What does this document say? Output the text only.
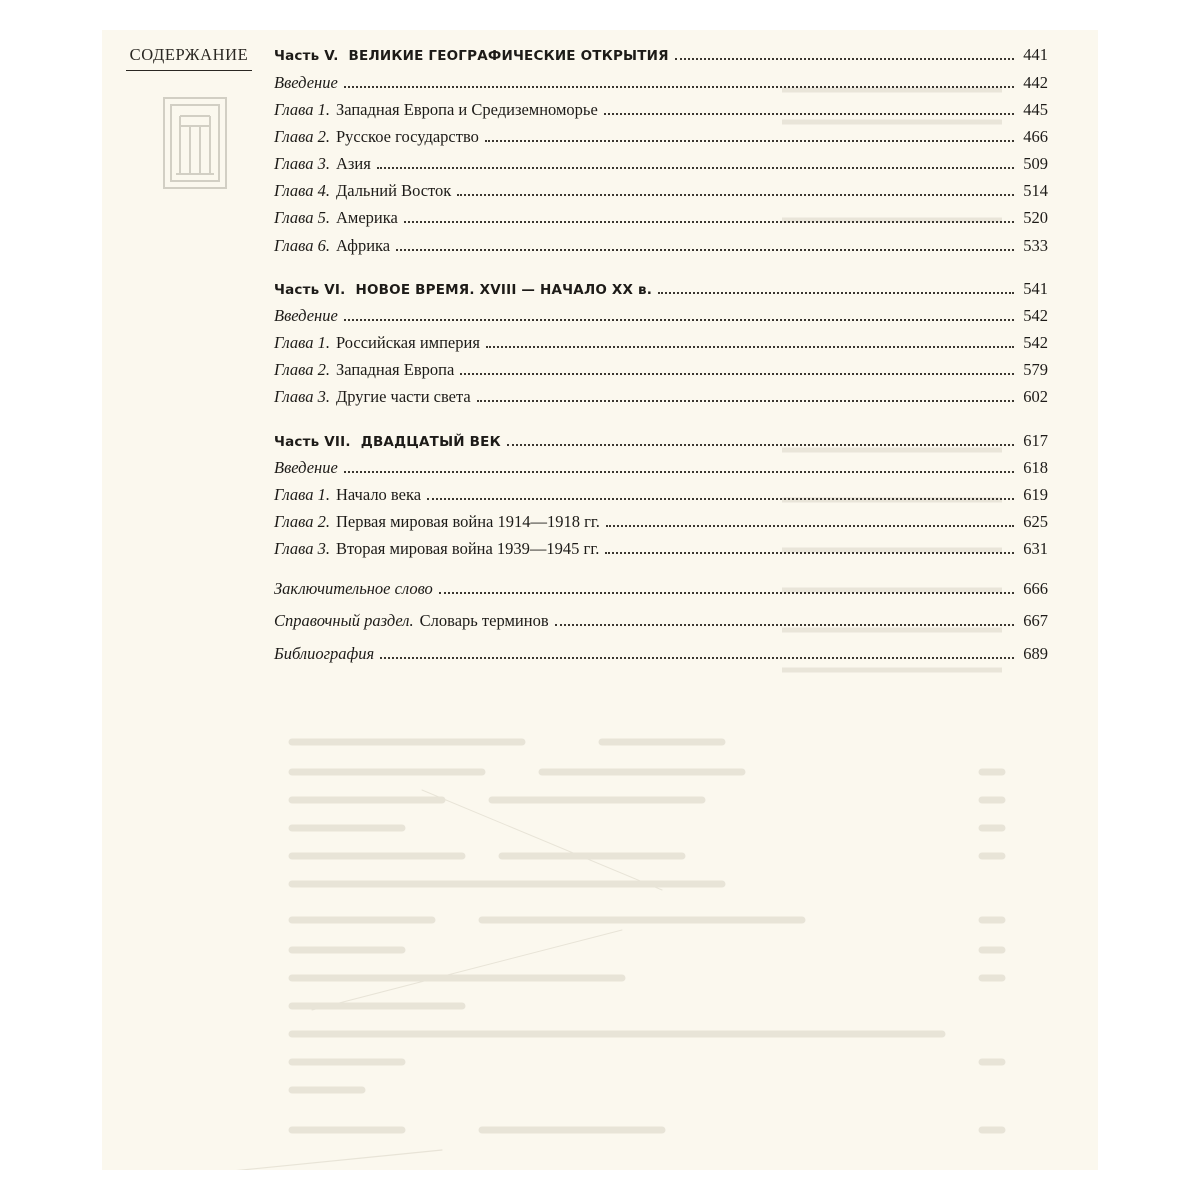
СОДЕРЖАНИЕ Часть V. ВЕЛИКИЕ ГЕОГРАФИЧЕСКИЕ ОТКРЫТИЯ	441
Введение	442
Глава 1. Западная Европа и Средиземноморье	445
Глава 2. Русское государство	466
Глава 3. Азия	509
Глава 4. Дальний Восток	514
Глава 5. Америка	520
Глава 6. Африка	533
Часть VI. НОВОЕ ВРЕМЯ. XVIII — НАЧАЛО XX в.	541
Введение	542
Глава 1. Российская империя	542
Глава 2. Западная Европа	579
Глава 3. Другие части света	602
Часть VII. ДВАДЦАТЫЙ ВЕК	617
Введение	618
Глава 1. Начало века	619
Глава 2. Первая мировая война 1914—1918 гг.	625
Глава 3. Вторая мировая война 1939—1945 гг.	631
Заключительное слово	666
Справочный раздел. Словарь терминов	667
Библиография	689
